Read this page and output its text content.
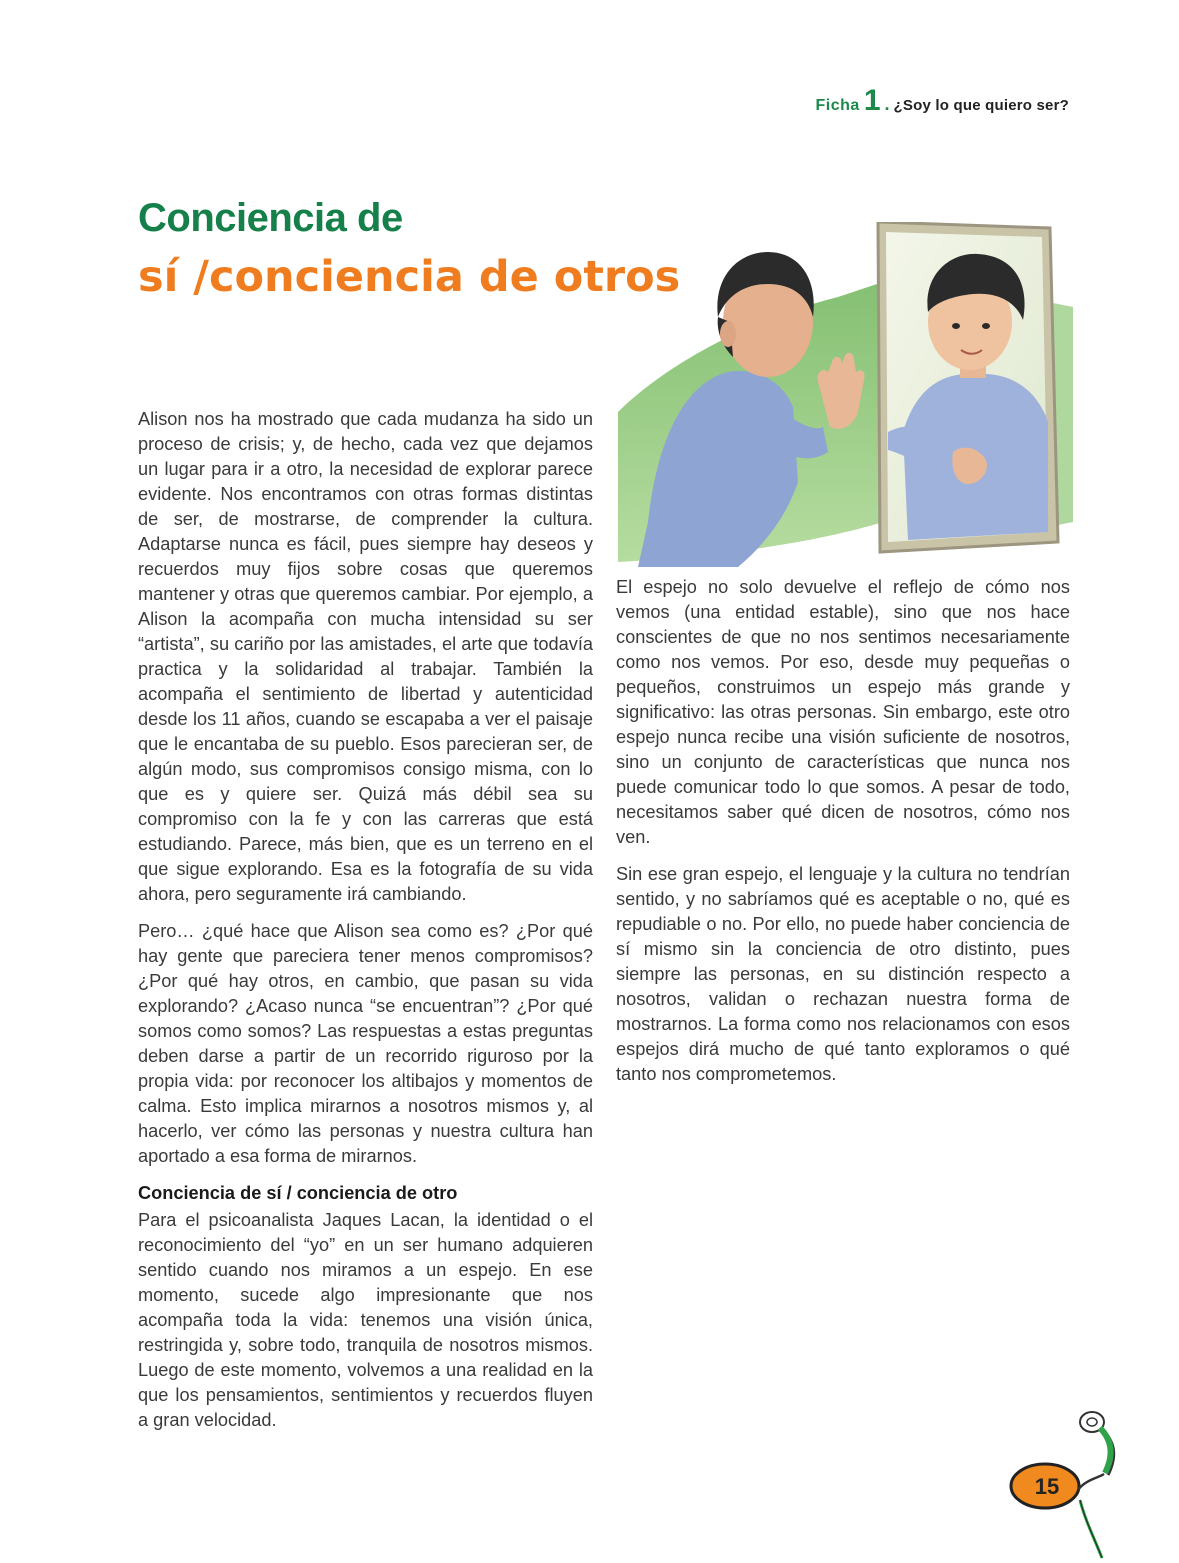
Ficha 1 . ¿Soy lo que quiero ser?
Conciencia de
sí /conciencia de otros

Alison nos ha mostrado que cada mudanza ha sido un proceso de crisis; y, de hecho, cada vez que dejamos un lugar para ir a otro, la necesidad de explorar parece evidente. Nos encontramos con otras formas distintas de ser, de mostrarse, de comprender la cultura. Adaptarse nunca es fácil, pues siempre hay deseos y recuerdos muy fijos sobre cosas que queremos mantener y otras que queremos cambiar. Por ejemplo, a Alison la acompaña con mucha intensidad su ser “artista”, su cariño por las amistades, el arte que todavía practica y la solidaridad al trabajar. También la acompaña el sentimiento de libertad y autenticidad desde los 11 años, cuando se escapaba a ver el paisaje que le encantaba de su pueblo. Esos parecieran ser, de algún modo, sus compromisos consigo misma, con lo que es y quiere ser. Quizá más débil sea su compromiso con la fe y con las carreras que está estudiando. Parece, más bien, que es un terreno en el que sigue explorando. Esa es la fotografía de su vida ahora, pero seguramente irá cambiando.

Pero… ¿qué hace que Alison sea como es? ¿Por qué hay gente que pareciera tener menos compromisos? ¿Por qué hay otros, en cambio, que pasan su vida explorando? ¿Acaso nunca “se encuentran”? ¿Por qué somos como somos? Las respuestas a estas preguntas deben darse a partir de un recorrido riguroso por la propia vida: por reconocer los altibajos y momentos de calma. Esto implica mirarnos a nosotros mismos y, al hacerlo, ver cómo las personas y nuestra cultura han aportado a esa forma de mirarnos.

Conciencia de sí / conciencia de otro

Para el psicoanalista Jaques Lacan, la identidad o el reconocimiento del “yo” en un ser humano adquieren sentido cuando nos miramos a un espejo. En ese momento, sucede algo impresionante que nos acompaña toda la vida: tenemos una visión única, restringida y, sobre todo, tranquila de nosotros mismos. Luego de este momento, volvemos a una realidad en la que los pensamientos, sentimientos y recuerdos fluyen a gran velocidad.

El espejo no solo devuelve el reflejo de cómo nos vemos (una entidad estable), sino que nos hace conscientes de que no nos sentimos necesariamente como nos vemos. Por eso, desde muy pequeñas o pequeños, construimos un espejo más grande y significativo: las otras personas. Sin embargo, este otro espejo nunca recibe una visión suficiente de nosotros, sino un conjunto de características que nunca nos puede comunicar todo lo que somos. A pesar de todo, necesitamos saber qué dicen de nosotros, cómo nos ven.

Sin ese gran espejo, el lenguaje y la cultura no tendrían sentido, y no sabríamos qué es aceptable o no, qué es repudiable o no. Por ello, no puede haber conciencia de sí mismo sin la conciencia de otro distinto, pues siempre las personas, en su distinción respecto a nosotros, validan o rechazan nuestra forma de mostrarnos. La forma como nos relacionamos con esos espejos dirá mucho de qué tanto exploramos o qué tanto nos comprometemos.

15
